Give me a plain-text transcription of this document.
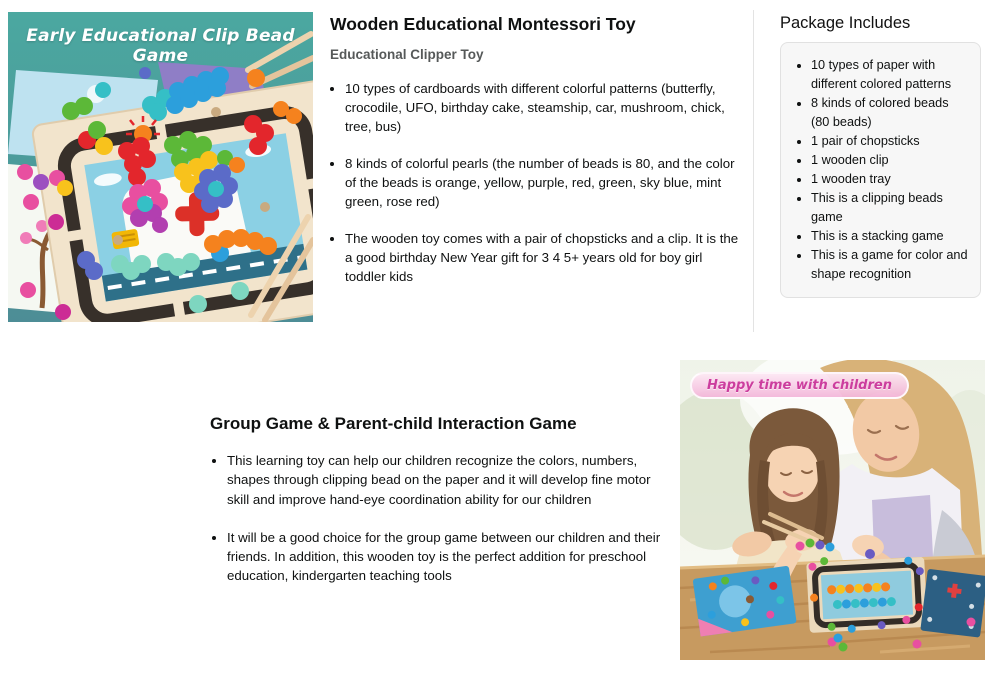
Early Educational Clip Bead Game
Wooden Educational Montessori Toy
Educational Clipper Toy
• 10 types of cardboards with different colorful patterns (butterfly, crocodile, UFO, birthday cake, steamship, car, mushroom, chick, tree, bus)
• 8 kinds of colorful pearls (the number of beads is 80, and the color of the beads is orange, yellow, purple, red, green, sky blue, mint green, rose red)
• The wooden toy comes with a pair of chopsticks and a clip. It is the a good birthday New Year gift for 3 4 5+ years old for boy girl toddler kids
Package Includes
• 10 types of paper with different colored patterns
• 8 kinds of colored beads (80 beads)
• 1 pair of chopsticks
• 1 wooden clip
• 1 wooden tray
• This is a clipping beads game
• This is a stacking game
• This is a game for color and shape recognition
Group Game & Parent-child Interaction Game
• This learning toy can help our children recognize the colors, numbers, shapes through clipping bead on the paper and it will develop fine motor skill and improve hand-eye coordination ability for our children
• It will be a good choice for the group game between our children and their friends. In addition, this wooden toy is the perfect addition for preschool education, kindergarten teaching tools
Happy time with children
